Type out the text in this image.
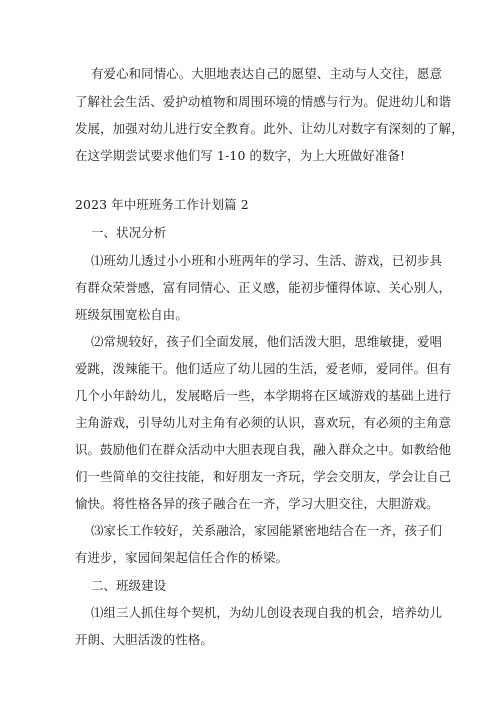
有爱心和同情心。大胆地表达自己的愿望、主动与人交往，愿意
了解社会生活、爱护动植物和周围环境的情感与行为。促进幼儿和谐
发展，加强对幼儿进行安全教育。此外、让幼儿对数字有深刻的了解，
在这学期尝试要求他们写 1-10 的数字，为上大班做好准备!
2023 年中班班务工作计划篇 2
一、状况分析
⑴班幼儿透过小小班和小班两年的学习、生活、游戏，已初步具
有群众荣誉感，富有同情心、正义感，能初步懂得体谅、关心别人，
班级氛围宽松自由。
⑵常规较好，孩子们全面发展，他们活泼大胆，思维敏捷，爱唱
爱跳，泼辣能干。他们适应了幼儿园的生活，爱老师，爱同伴。但有
几个小年龄幼儿，发展略后一些，本学期将在区域游戏的基础上进行
主角游戏，引导幼儿对主角有必须的认识，喜欢玩，有必须的主角意
识。鼓励他们在群众活动中大胆表现自我，融入群众之中。如教给他
们一些简单的交往技能，和好朋友一齐玩，学会交朋友，学会让自己
愉快。将性格各异的孩子融合在一齐，学习大胆交往，大胆游戏。
⑶家长工作较好，关系融洽，家园能紧密地结合在一齐，孩子们
有进步，家园间架起信任合作的桥梁。
二、班级建设
⑴组三人抓住每个契机，为幼儿创设表现自我的机会，培养幼儿
开朗、大胆活泼的性格。
